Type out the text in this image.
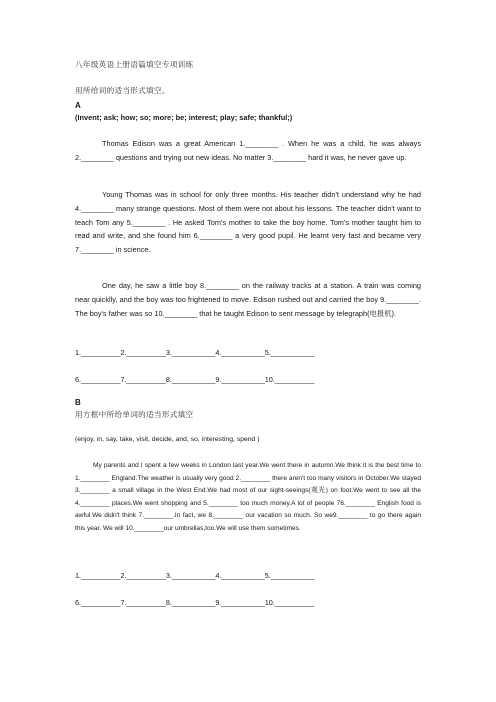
八年级英语上册语篇填空专项训练
用所给词的适当形式填空。
A
(Invent; ask; how; so; more; be; interest; play; safe; thankful;)
Thomas Edison was a great American 1.________ . When he was a child, he was always 2.________ questions and trying out new ideas. No matter 3.________ hard it was, he never gave up.
Young Thomas was in school for only three months. His teacher didn't understand why he had 4.________ many strange questions. Most of them were not about his lessons. The teacher didn't want to teach Tom any 5.________ . He asked Tom's mother to take the boy home. Tom's mother taught him to read and write, and she found him 6.________ a very good pupil. He learnt very fast and became very 7.________ in science.
One day, he saw a little boy 8.________ on the railway tracks at a station. A train was coming near quicklly, and the boy was too frightened to move. Edison rushed out and carried the boy 9.________. The boy's father was so 10.________ that he taught Edison to sent message by telegraph(电报机).
1.__________2.__________3.___________4.___________5.___________
6.__________7.__________8.___________9.___________10.__________
B
用方框中所给单词的适当形式填空
(enjoy, in, say, take, visit, decide, and, so, interesting, spend )
My parents and I spent a few weeks in London last year.We went there in autumn.We think it is the best time to 1.________ England.The weather is usually very good 2.________ there aren't too many visitors in October.We stayed 3.________ a small village in the West End.We had most of our sight-seeings(观光) on foot.We went to see all the 4.________ places.We went shopping and 5.________ too much money.A lot of people 76.________ English food is awful.We didn't think 7.________.In fact, we 8.________ our vacation so much. So we9.________ to go there again this year. We will 10.________our umbrellas,too.We will use them sometimes.
1.__________2.__________3.___________4.___________5.___________
6.__________7.__________8.___________9.___________10.__________
